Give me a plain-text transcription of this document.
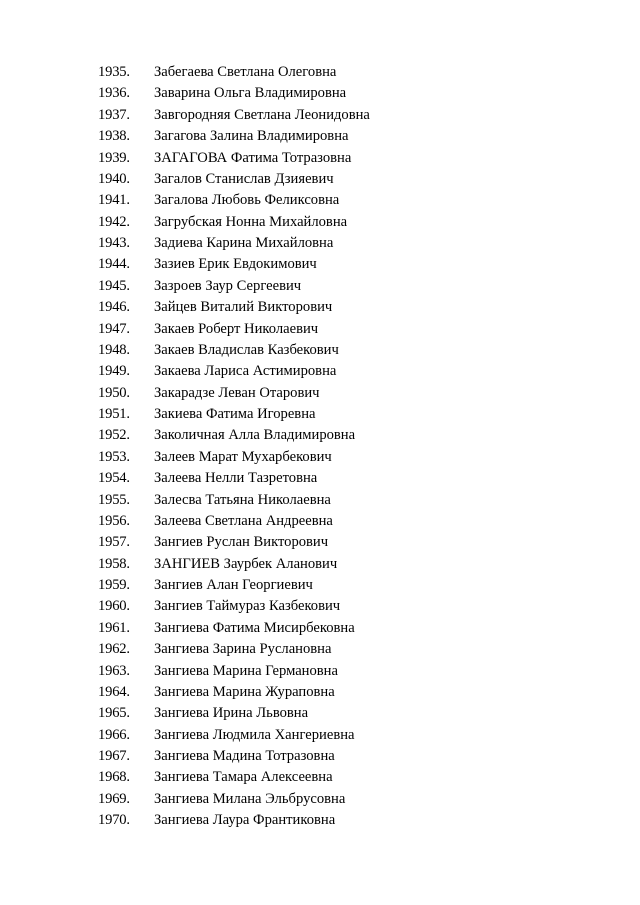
1935. Забегаева Светлана Олеговна
1936. Заварина Ольга Владимировна
1937. Завгородняя Светлана Леонидовна
1938. Загагова Залина Владимировна
1939. ЗАГАГОВА Фатима Тотразовна
1940. Загалов Станислав Дзияевич
1941. Загалова Любовь Феликсовна
1942. Загрубская Нонна Михайловна
1943. Задиева Карина Михайловна
1944. Зазиев Ерик Евдокимович
1945. Зазроев Заур Сергеевич
1946. Зайцев Виталий Викторович
1947. Закаев Роберт Николаевич
1948. Закаев Владислав Казбекович
1949. Закаева Лариса Астимировна
1950. Закарадзе Леван Отарович
1951. Закиева Фатима Игоревна
1952. Заколичная Алла Владимировна
1953. Залеев Марат Мухарбекович
1954. Залеева Нелли Тазретовна
1955. Залесва Татьяна Николаевна
1956. Залеева Светлана Андреевна
1957. Зангиев Руслан Викторович
1958. ЗАНГИЕВ Заурбек Аланович
1959. Зангиев Алан Георгиевич
1960. Зангиев Таймураз Казбекович
1961. Зангиева Фатима Мисирбековна
1962. Зангиева Зарина Руслановна
1963. Зангиева Марина Германовна
1964. Зангиева Марина Жураповна
1965. Зангиева Ирина Львовна
1966. Зангиева Людмила Хангериевна
1967. Зангиева Мадина Тотразовна
1968. Зангиева Тамара Алексеевна
1969. Зангиева Милана Эльбрусовна
1970. Зангиева Лаура Франтиковна
